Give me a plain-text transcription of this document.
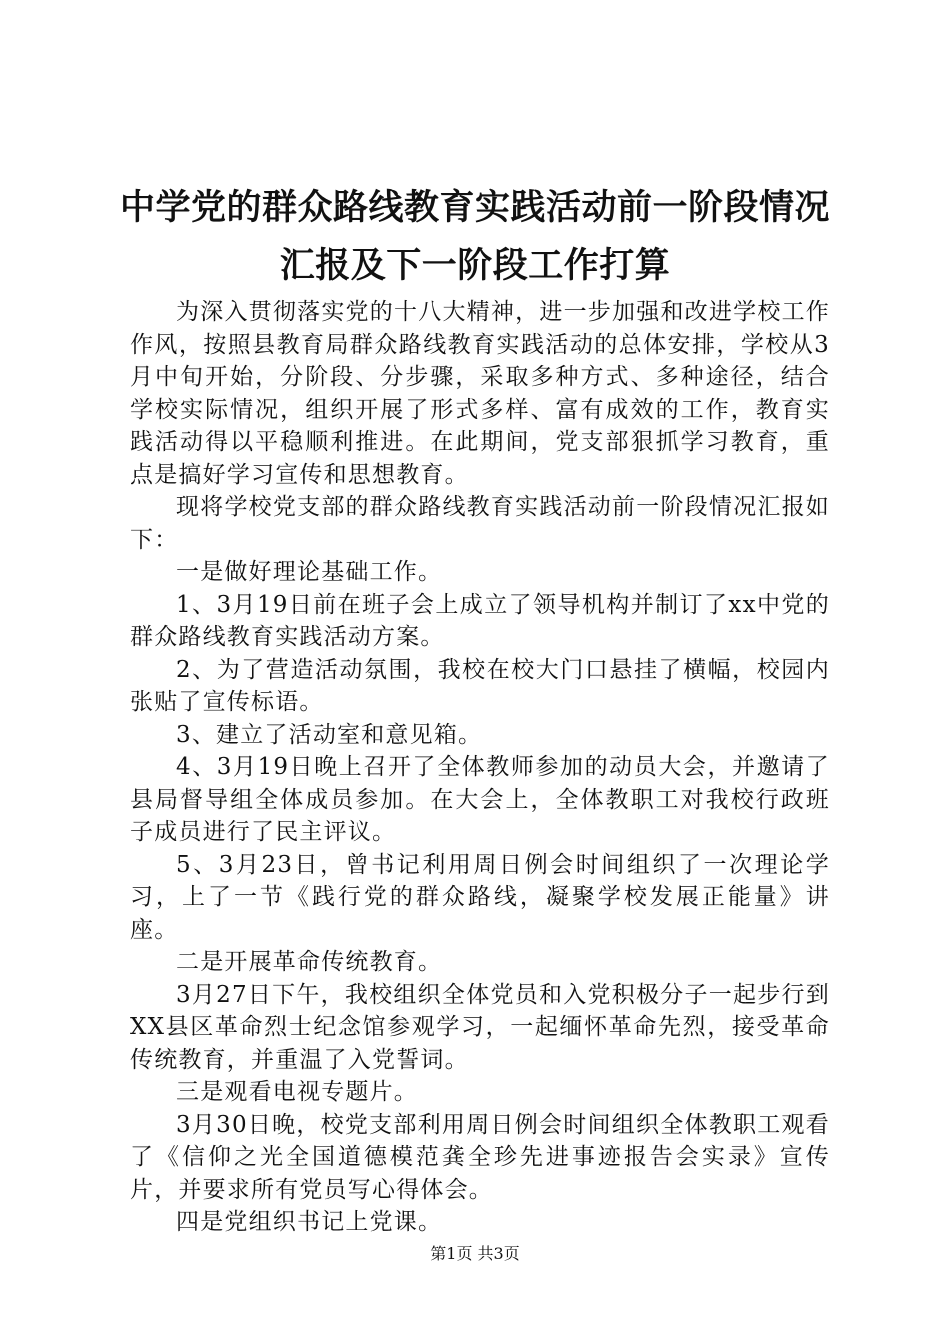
中学党的群众路线教育实践活动前一阶段情况
汇报及下一阶段工作打算

为深入贯彻落实党的十八大精神，进一步加强和改进学校工作作风，按照县教育局群众路线教育实践活动的总体安排，学校从3月中旬开始，分阶段、分步骤，采取多种方式、多种途径，结合学校实际情况，组织开展了形式多样、富有成效的工作，教育实践活动得以平稳顺利推进。在此期间，党支部狠抓学习教育，重点是搞好学习宣传和思想教育。

现将学校党支部的群众路线教育实践活动前一阶段情况汇报如下：

一是做好理论基础工作。

1、3月19日前在班子会上成立了领导机构并制订了xx中党的群众路线教育实践活动方案。

2、为了营造活动氛围，我校在校大门口悬挂了横幅，校园内张贴了宣传标语。

3、建立了活动室和意见箱。

4、3月19日晚上召开了全体教师参加的动员大会，并邀请了县局督导组全体成员参加。在大会上，全体教职工对我校行政班子成员进行了民主评议。

5、3月23日，曾书记利用周日例会时间组织了一次理论学习，上了一节《践行党的群众路线，凝聚学校发展正能量》讲座。

二是开展革命传统教育。

3月27日下午，我校组织全体党员和入党积极分子一起步行到XX县区革命烈士纪念馆参观学习，一起缅怀革命先烈，接受革命传统教育，并重温了入党誓词。

三是观看电视专题片。

3月30日晚，校党支部利用周日例会时间组织全体教职工观看了《信仰之光全国道德模范龚全珍先进事迹报告会实录》宣传片，并要求所有党员写心得体会。

四是党组织书记上党课。

第1页 共3页
